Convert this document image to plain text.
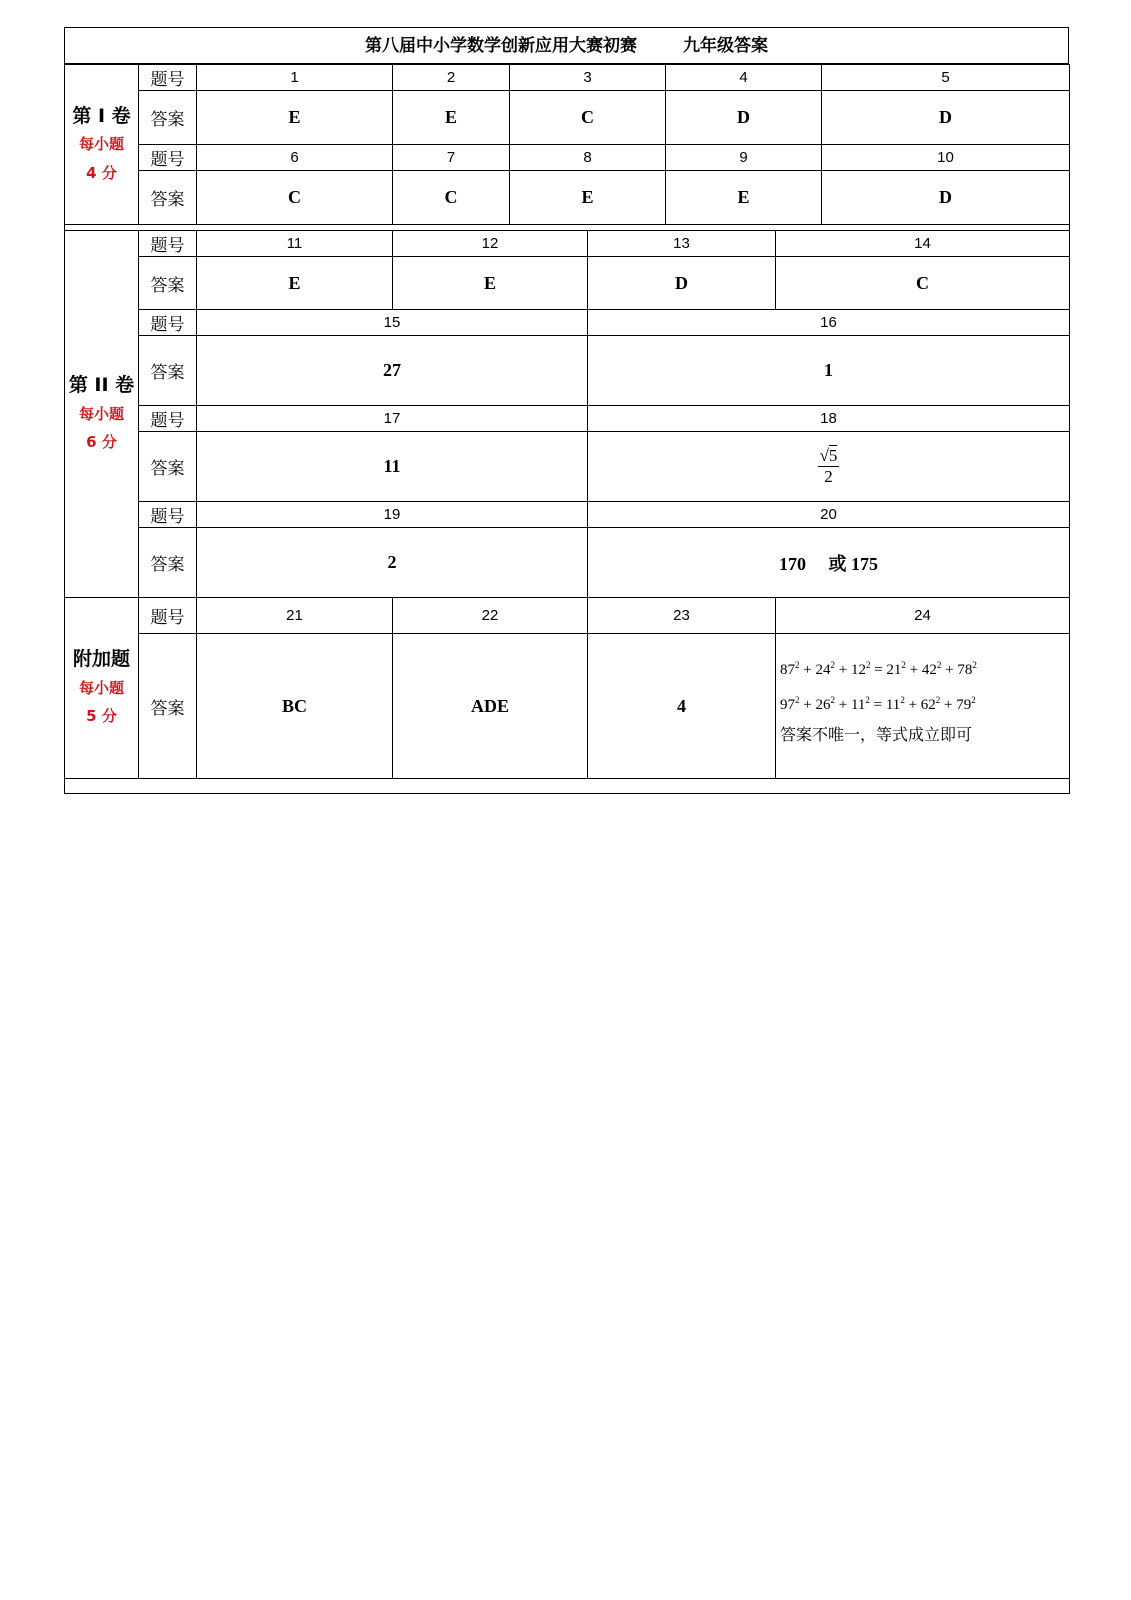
第八届中小学数学创新应用大赛初赛	九年级答案
第 I 卷
每小题
4 分	题号	1	2	3		4		5
	答案	E	E	C		D		D
	题号	6	7	8		9		10
	答案	C	C	E		E		D

第 II 卷
每小题
6 分	题号	11	12		13		14	
	答案	E	E		D		C	
	题号	15			16			
	答案	27			1			
	题号	17			18			
	答案	11			$\frac{√5}{2}$

	题号	19			20			
	答案	2			170　 或 175			

附加题
每小题
5 分	题号	21	22		23		24	
	答案	BC	ADE		4		$87^2 + 24^2 + 12^2 = 21^2 + 42^2 + 78^2$
$97^2 + 26^2 + 11^2 = 11^2 + 62^2 + 79^2$
答案不唯一，等式成立即可	
